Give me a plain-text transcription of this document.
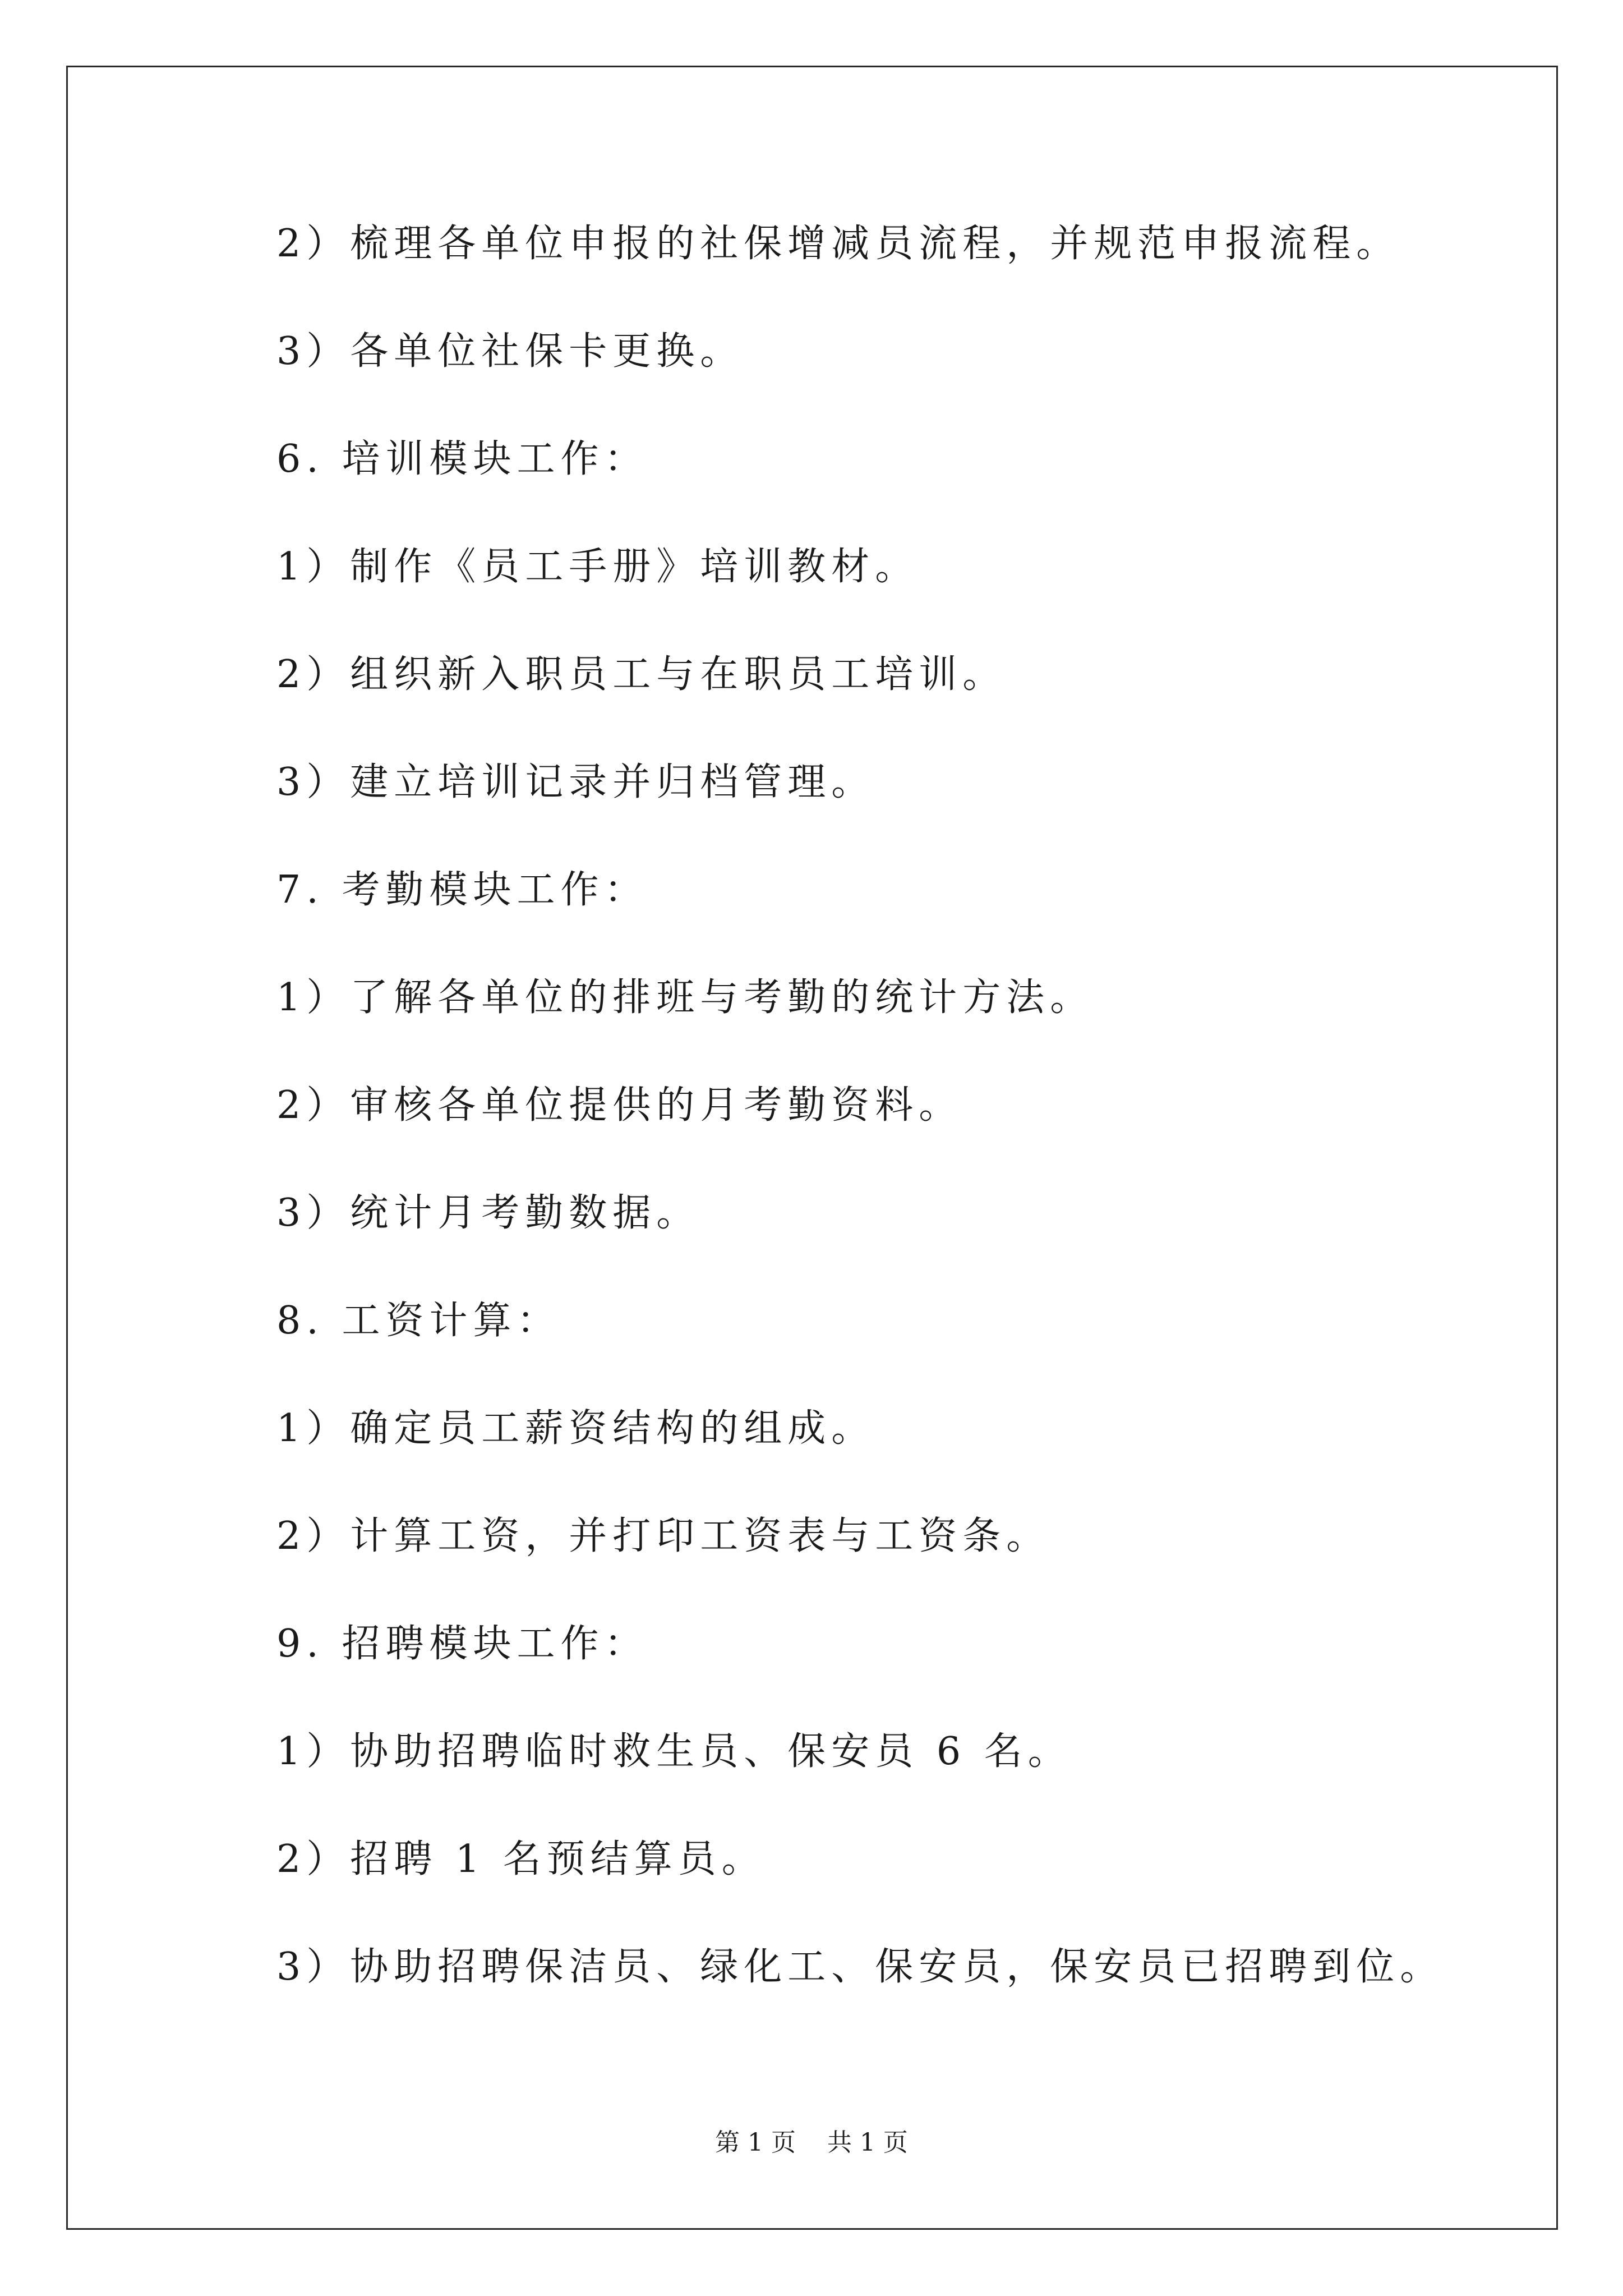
2）梳理各单位申报的社保增减员流程，并规范申报流程。
3）各单位社保卡更换。
6. 培训模块工作：
1）制作《员工手册》培训教材。
2）组织新入职员工与在职员工培训。
3）建立培训记录并归档管理。
7. 考勤模块工作：
1）了解各单位的排班与考勤的统计方法。
2）审核各单位提供的月考勤资料。
3）统计月考勤数据。
8. 工资计算：
1）确定员工薪资结构的组成。
2）计算工资，并打印工资表与工资条。
9. 招聘模块工作：
1）协助招聘临时救生员、保安员 6 名。
2）招聘 1 名预结算员。
3）协助招聘保洁员、绿化工、保安员，保安员已招聘到位。
第 1 页    共 1 页
